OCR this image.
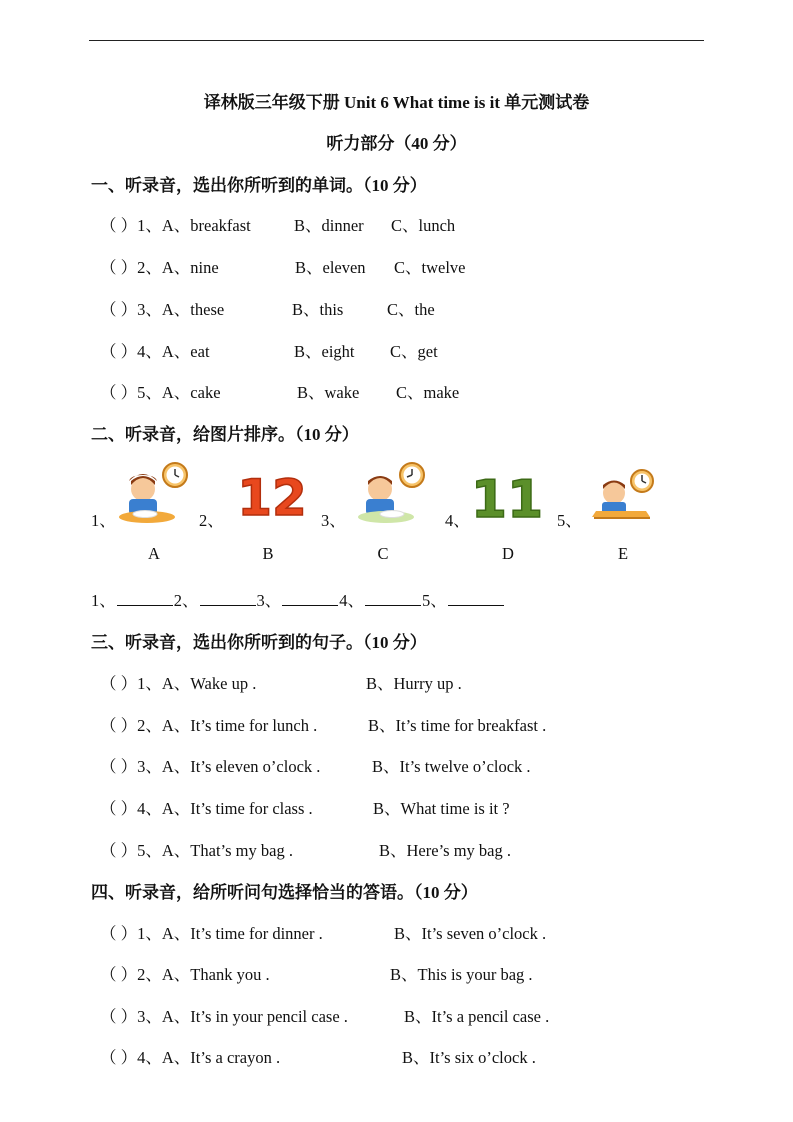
译林版三年级下册 Unit 6 What time is it 单元测试卷
听力部分（40 分）
一、听录音，选出你所听到的单词。（10 分）
（ ）1、A、breakfast	B、dinner C、lunch
（ ）2、A、nine	B、eleven C、twelve
（ ）3、A、these	B、this	C、the
（ ）4、A、eat	B、eight C、get
（ ）5、A、cake	B、wake C、make
二、听录音，给图片排序。（10 分）
1、	2、 12 3、	4、 11 5、
A	B	C	D	E
1、	2、	3、	4、	5、
三、听录音，选出你所听到的句子。（10 分）
（ ）1、A、Wake up .	B、Hurry up .
（ ）2、A、It’s time for lunch .	B、It’s time for breakfast .
（ ）3、A、It’s eleven o’clock .	B、It’s twelve o’clock .
（ ）4、A、It’s time for class .	B、What time is it ?
（ ）5、A、That’s my bag .	B、Here’s my bag .
四、听录音，给所听问句选择恰当的答语。（10 分）
（ ）1、A、It’s time for dinner .	B、It’s seven o’clock .
（ ）2、A、Thank you .	B、This is your bag .
（ ）3、A、It’s in your pencil case .	B、It’s a pencil case .
（ ）4、A、It’s a crayon .	B、It’s six o’clock .
